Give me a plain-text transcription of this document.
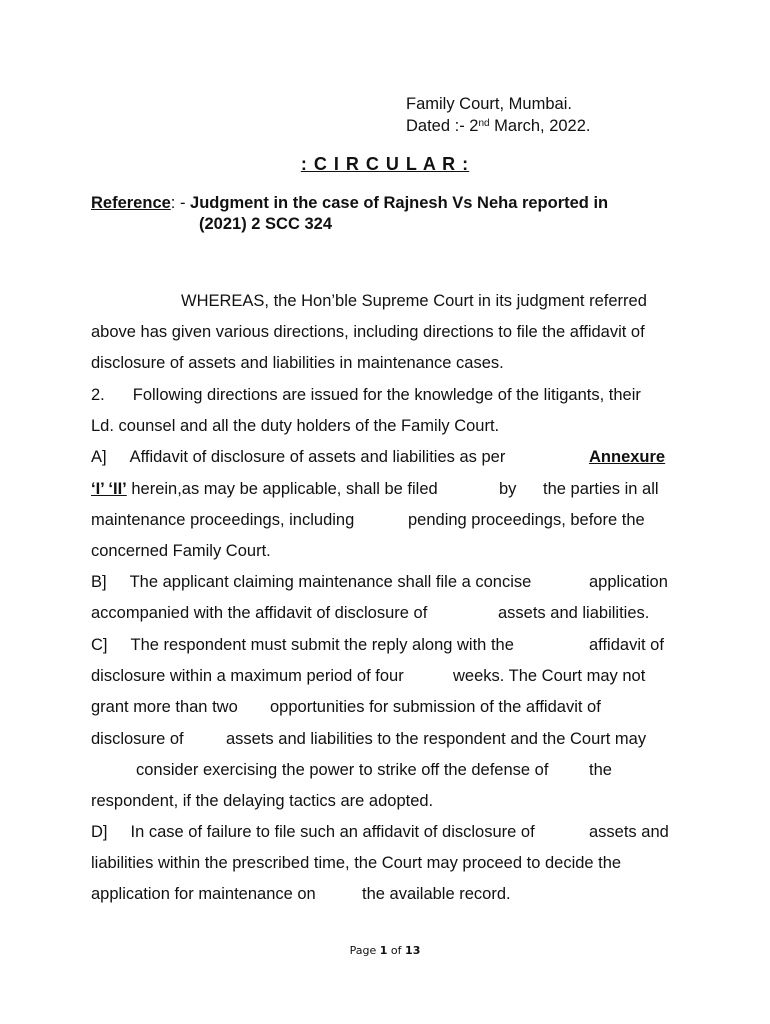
Family Court, Mumbai.
Dated :- 2nd March, 2022.
: C I R C U L A R :
Reference: - Judgment in the case of Rajnesh Vs Neha reported in
(2021) 2 SCC 324
WHEREAS, the Hon’ble Supreme Court in its judgment referred
above has given various directions, including directions to file the affidavit of
disclosure of assets and liabilities in maintenance cases.
2. Following directions are issued for the knowledge of the litigants, their
Ld. counsel and all the duty holders of the Family Court.
A] Affidavit of disclosure of assets and liabilities as per	Annexure
‘I’ ‘II’ herein,as may be applicable, shall be filed	by the parties in all
maintenance proceedings, including	pending proceedings, before the
concerned Family Court.
B] The applicant claiming maintenance shall file a concise	application
accompanied with the affidavit of disclosure of	assets and liabilities.
C] The respondent must submit the reply along with the	affidavit of
disclosure within a maximum period of four	weeks. The Court may not
grant more than two opportunities for submission of the affidavit of
disclosure of	assets and liabilities to the respondent and the Court may
consider exercising the power to strike off the defense of the
respondent, if the delaying tactics are adopted.
D] In case of failure to file such an affidavit of disclosure of	assets and
liabilities within the prescribed time, the Court may proceed to decide the
application for maintenance on	the available record.
Page 1 of 13
